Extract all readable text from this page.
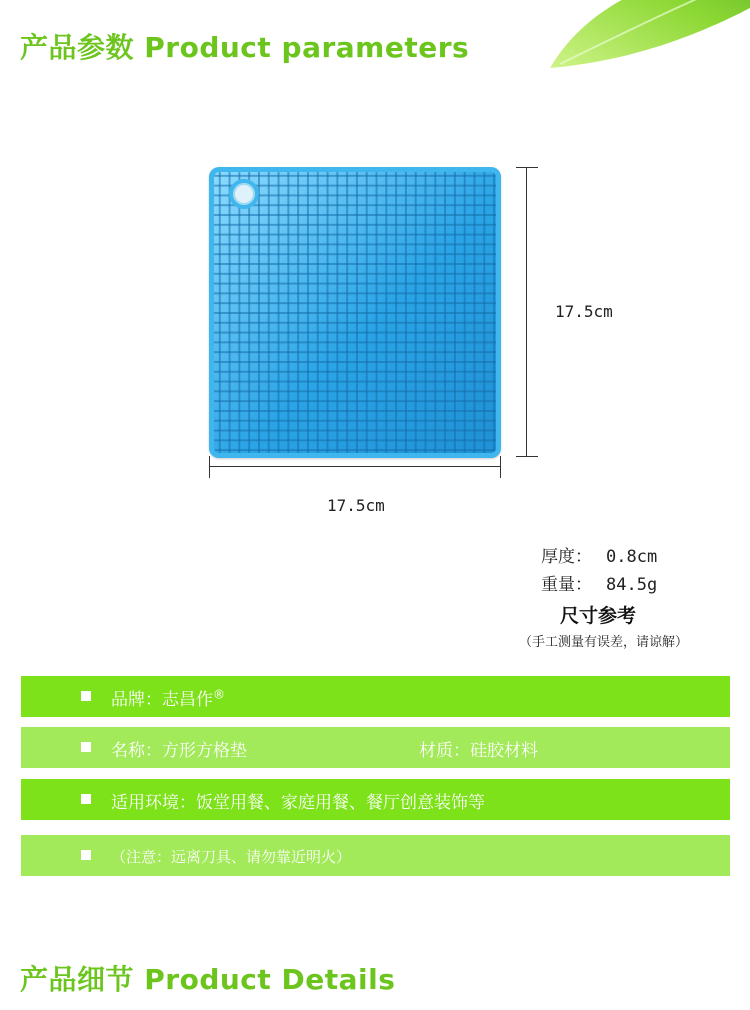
产品参数 Product parameters
17.5cm
17.5cm
厚度： 0.8cm
重量： 84.5g
尺寸参考
（手工测量有误差，请谅解）
品牌：志昌作®
名称：方形方格垫	材质：硅胶材料
适用环境：饭堂用餐、家庭用餐、餐厅创意装饰等
（注意：远离刀具、请勿靠近明火）
产品细节 Product Details
